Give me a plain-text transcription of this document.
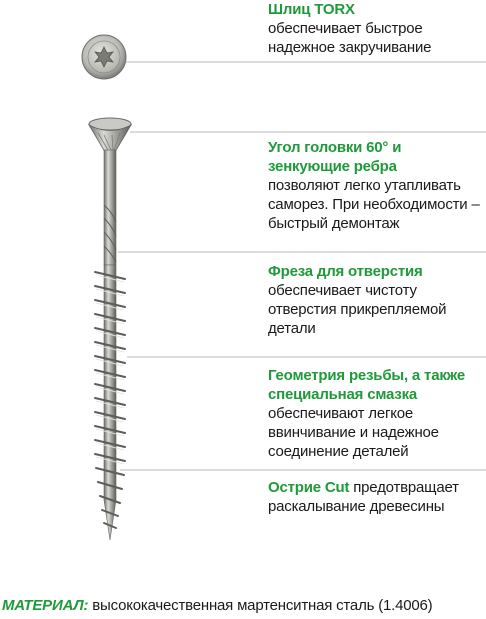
Шлиц TORX
обеспечивает быстрое надежное закручивание
Угол головки 60° и зенкующие ребра
позволяют легко утапливать саморез. При необходимости – быстрый демонтаж
Фреза для отверстия
обеспечивает чистоту отверстия прикрепляемой детали
Геометрия резьбы, а также специальная смазка обеспечивают легкое ввинчивание и надежное соединение деталей
Острие Cut предотвращает раскалывание древесины
МАТЕРИАЛ: высококачественная мартенситная сталь (1.4006)
